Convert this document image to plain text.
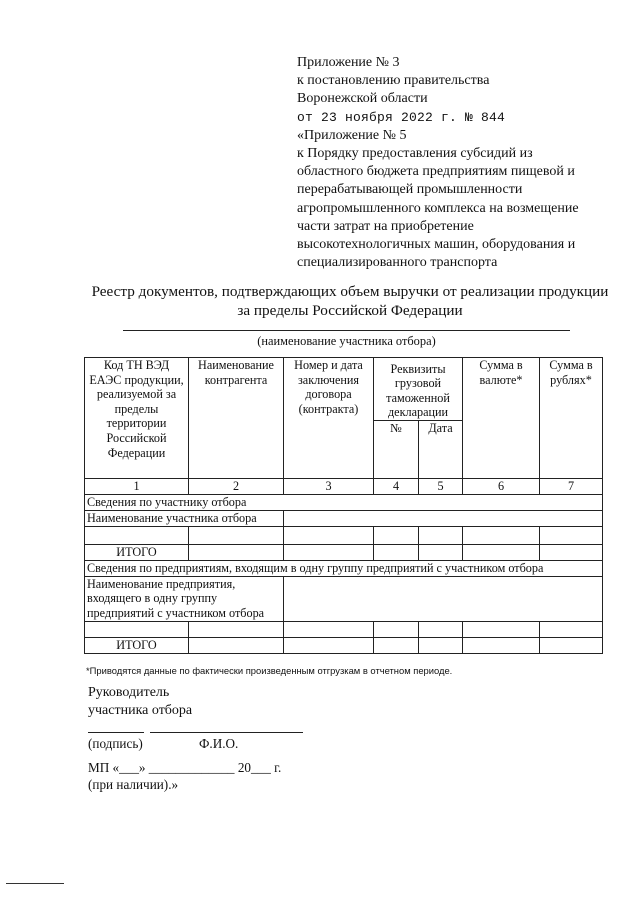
Приложение № 3
к постановлению правительства
Воронежской области
от 23 ноября 2022 г. № 844
«Приложение № 5
к Порядку предоставления субсидий из
областного бюджета предприятиям пищевой и
перерабатывающей промышленности
агропромышленного комплекса на возмещение
части затрат на приобретение
высокотехнологичных машин, оборудования и
специализированного транспорта
Реестр документов, подтверждающих объем выручки от реализации продукции
за пределы Российской Федерации
(наименование участника отбора)
Код ТН ВЭД ЕАЭС продукции, реализуемой за пределы территории Российской Федерации	Наименование контрагента	Номер и дата заключения договора (контракта)	Реквизиты грузовой таможенной декларации		Сумма в валюте*	Сумма в рублях*
			№	Дата		
1	2	3	4	5	6	7
Сведения по участнику отбора						
Наименование участника отбора						

ИТОГО						
Сведения по предприятиям, входящим в одну группу предприятий с участником отбора						
Наименование предприятия, входящего в одну группу предприятий с участником отбора						

ИТОГО						
*Приводятся данные по фактически произведенным отгрузкам в отчетном периоде.
Руководитель
участника отбора
(подпись)	Ф.И.О.
МП «___» _____________ 20___ г.
(при наличии).»
